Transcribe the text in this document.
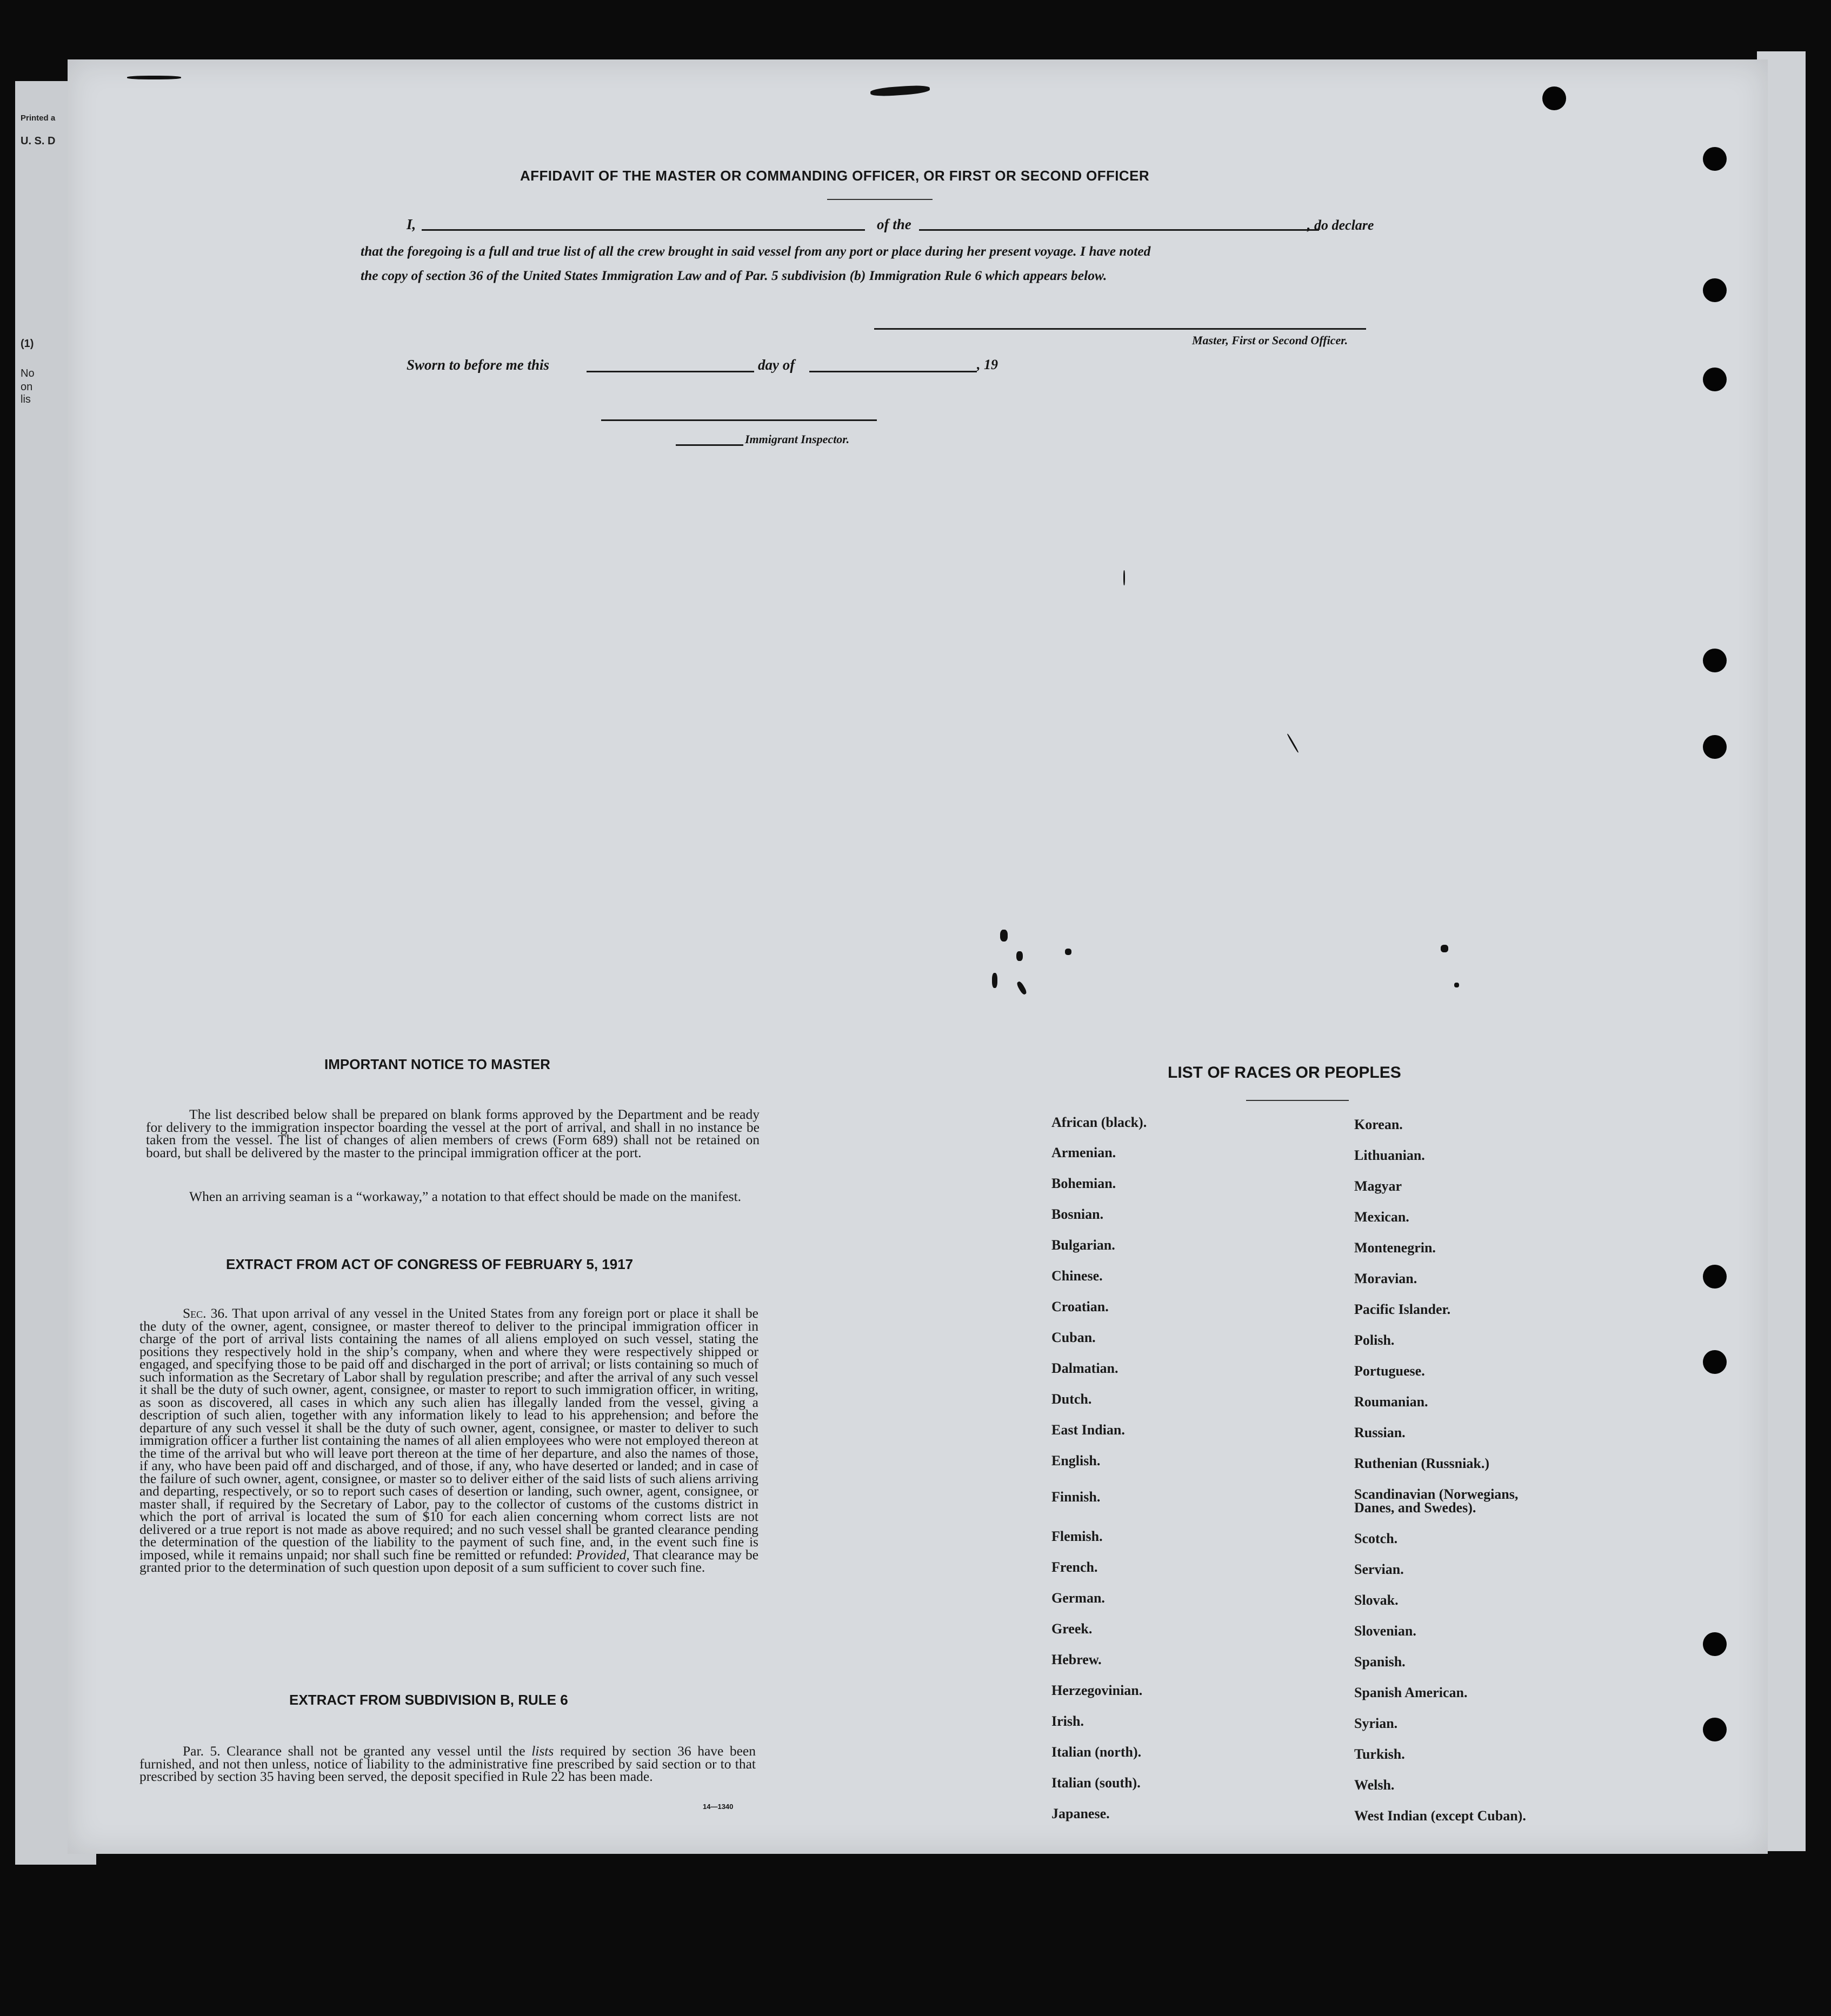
Printed a
U. S. D
(1)
No
on
lis
AFFIDAVIT OF THE MASTER OR COMMANDING OFFICER, OR FIRST OR SECOND OFFICER
I,	of the	, do declare
that the foregoing is a full and true list of all the crew brought in said vessel from any port or place during her present voyage. I have noted
the copy of section 36 of the United States Immigration Law and of Par. 5 subdivision (b) Immigration Rule 6 which appears below.
Master, First or Second Officer.
Sworn to before me this	day of	, 19
Immigrant Inspector.
IMPORTANT NOTICE TO MASTER
The list described below shall be prepared on blank forms approved by the Department and be ready for delivery to the immigration inspector boarding the vessel at the port of arrival, and shall in no instance be taken from the vessel. The list of changes of alien members of crews (Form 689) shall not be retained on board, but shall be delivered by the master to the principal immigration officer at the port.
When an arriving seaman is a “workaway,” a notation to that effect should be made on the manifest.
EXTRACT FROM ACT OF CONGRESS OF FEBRUARY 5, 1917
Sec. 36. That upon arrival of any vessel in the United States from any foreign port or place it shall be the duty of the owner, agent, consignee, or master thereof to deliver to the principal immigration officer in charge of the port of arrival lists containing the names of all aliens employed on such vessel, stating the positions they respectively hold in the ship’s company, when and where they were respectively shipped or engaged, and specifying those to be paid off and discharged in the port of arrival; or lists containing so much of such information as the Secretary of Labor shall by regulation prescribe; and after the arrival of any such vessel it shall be the duty of such owner, agent, consignee, or master to report to such immigration officer, in writing, as soon as discovered, all cases in which any such alien has illegally landed from the vessel, giving a description of such alien, together with any information likely to lead to his apprehension; and before the departure of any such vessel it shall be the duty of such owner, agent, consignee, or master to deliver to such immigration officer a further list containing the names of all alien employees who were not employed thereon at the time of the arrival but who will leave port thereon at the time of her departure, and also the names of those, if any, who have been paid off and discharged, and of those, if any, who have deserted or landed; and in case of the failure of such owner, agent, consignee, or master so to deliver either of the said lists of such aliens arriving and departing, respectively, or so to report such cases of desertion or landing, such owner, agent, consignee, or master shall, if required by the Secretary of Labor, pay to the collector of customs of the customs district in which the port of arrival is located the sum of $10 for each alien concerning whom correct lists are not delivered or a true report is not made as above required; and no such vessel shall be granted clearance pending the determination of the question of the liability to the payment of such fine, and, in the event such fine is imposed, while it remains unpaid; nor shall such fine be remitted or refunded: Provided, That clearance may be granted prior to the determination of such question upon deposit of a sum sufficient to cover such fine.
EXTRACT FROM SUBDIVISION B, RULE 6
Par. 5. Clearance shall not be granted any vessel until the lists required by section 36 have been furnished, and not then unless, notice of liability to the administrative fine prescribed by said section or to that prescribed by section 35 having been served, the deposit specified in Rule 22 has been made.
14—1340
LIST OF RACES OR PEOPLES
African (black).
Armenian.
Bohemian.
Bosnian.
Bulgarian.
Chinese.
Croatian.
Cuban.
Dalmatian.
Dutch.
East Indian.
English.
Finnish.
Flemish.
French.
German.
Greek.
Hebrew.
Herzegovinian.
Irish.
Italian (north).
Italian (south).
Japanese.
Korean.
Lithuanian.
Magyar
Mexican.
Montenegrin.
Moravian.
Pacific Islander.
Polish.
Portuguese.
Roumanian.
Russian.
Ruthenian (Russniak.)
Scandinavian (Norwegians,
Scotch.
Servian.
Slovak.
Slovenian.
Spanish.
Spanish American.
Syrian.
Turkish.
Welsh.
West Indian (except Cuban).
Danes, and Swedes).
